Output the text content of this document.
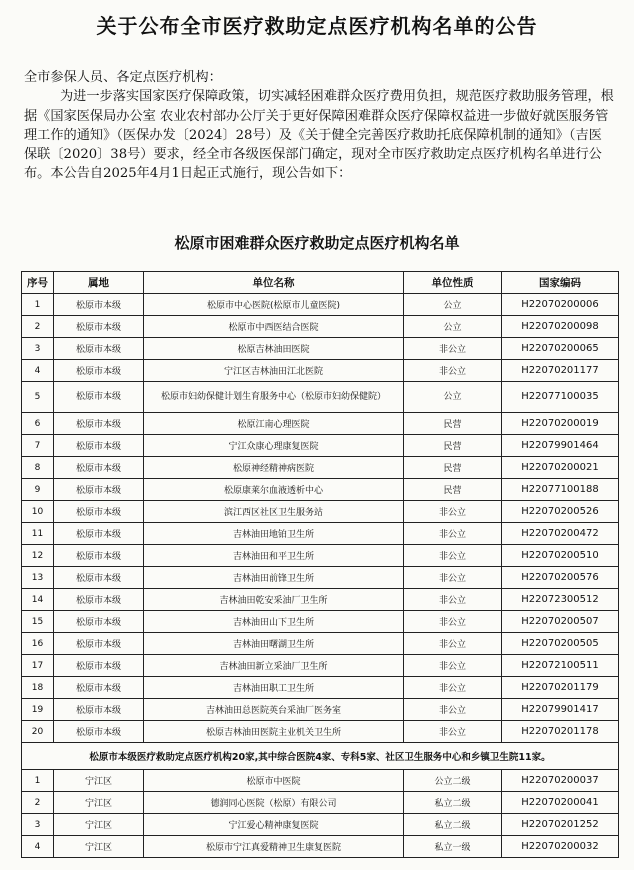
关于公布全市医疗救助定点医疗机构名单的公告

全市参保人员、各定点医疗机构：

为进一步落实国家医疗保障政策，切实减轻困难群众医疗费用负担，规范医疗救助服务管理，根据《国家医保局办公室 农业农村部办公厅关于更好保障困难群众医疗保障权益进一步做好就医服务管理工作的通知》（医保办发〔2024〕28号）及《关于健全完善医疗救助托底保障机制的通知》（吉医保联〔2020〕38号）要求，经全市各级医保部门确定，现对全市医疗救助定点医疗机构名单进行公布。本公告自2025年4月1日起正式施行，现公告如下：

松原市困难群众医疗救助定点医疗机构名单
序号	属地	单位名称	单位性质	国家编码
1	松原市本级	松原市中心医院(松原市儿童医院)	公立	H22070200006
2	松原市本级	松原市中西医结合医院	公立	H22070200098
3	松原市本级	松原吉林油田医院	非公立	H22070200065
4	松原市本级	宁江区吉林油田江北医院	非公立	H22070201177
5	松原市本级	松原市妇幼保健计划生育服务中心（松原市妇幼保健院）	公立	H22077100035
6	松原市本级	松原江南心理医院	民营	H22070200019
7	松原市本级	宁江众康心理康复医院	民营	H22079901464
8	松原市本级	松原神经精神病医院	民营	H22070200021
9	松原市本级	松原康莱尔血液透析中心	民营	H22077100188
10	松原市本级	滨江西区社区卫生服务站	非公立	H22070200526
11	松原市本级	吉林油田地铂卫生所	非公立	H22070200472
12	松原市本级	吉林油田和平卫生所	非公立	H22070200510
13	松原市本级	吉林油田前锋卫生所	非公立	H22070200576
14	松原市本级	吉林油田乾安采油厂卫生所	非公立	H22072300512
15	松原市本级	吉林油田山下卫生所	非公立	H22070200507
16	松原市本级	吉林油田曙湖卫生所	非公立	H22070200505
17	松原市本级	吉林油田新立采油厂卫生所	非公立	H22072100511
18	松原市本级	吉林油田职工卫生所	非公立	H22070201179
19	松原市本级	吉林油田总医院英台采油厂医务室	非公立	H22079901417
20	松原市本级	松原吉林油田医院主业机关卫生所	非公立	H22070201178
松原市本级医疗救助定点医疗机构20家,其中综合医院4家、专科5家、社区卫生服务中心和乡镇卫生院11家。				
1	宁江区	松原市中医院	公立二级	H22070200037
2	宁江区	德润同心医院（松原）有限公司	私立二级	H22070200041
3	宁江区	宁江爱心精神康复医院	私立二级	H22070201252
4	宁江区	松原市宁江真爱精神卫生康复医院	私立一级	H22070200032
